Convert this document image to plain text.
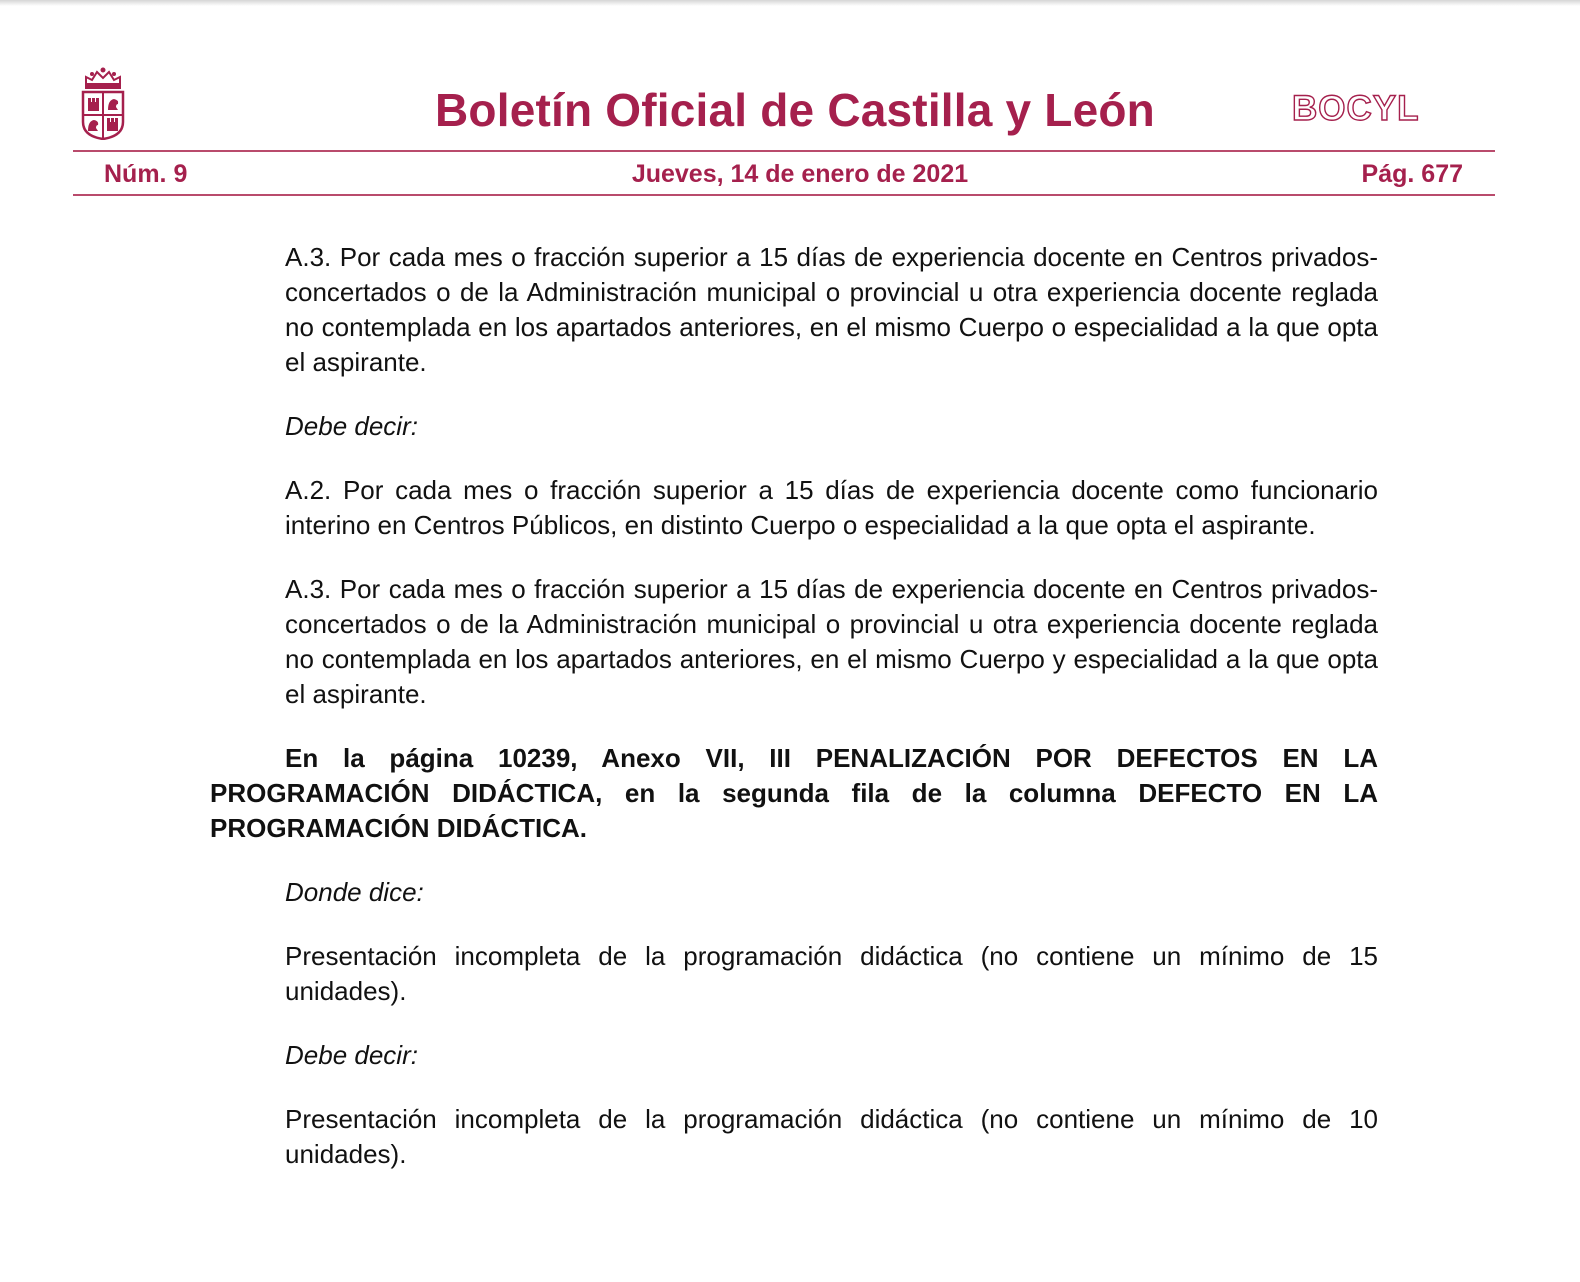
Boletín Oficial de Castilla y León	BOCYL
Núm. 9	Jueves, 14 de enero de 2021	Pág. 677

A.3. Por cada mes o fracción superior a 15 días de experiencia docente en Centros privados-concertados o de la Administración municipal o provincial u otra experiencia docente reglada no contemplada en los apartados anteriores, en el mismo Cuerpo o especialidad a la que opta el aspirante.

Debe decir:

A.2. Por cada mes o fracción superior a 15 días de experiencia docente como funcionario interino en Centros Públicos, en distinto Cuerpo o especialidad a la que opta el aspirante.

A.3. Por cada mes o fracción superior a 15 días de experiencia docente en Centros privados-concertados o de la Administración municipal o provincial u otra experiencia docente reglada no contemplada en los apartados anteriores, en el mismo Cuerpo y especialidad a la que opta el aspirante.

En la página 10239, Anexo VII, III PENALIZACIÓN POR DEFECTOS EN LA PROGRAMACIÓN DIDÁCTICA, en la segunda fila de la columna DEFECTO EN LA PROGRAMACIÓN DIDÁCTICA.

Donde dice:

Presentación incompleta de la programación didáctica (no contiene un mínimo de 15 unidades).

Debe decir:

Presentación incompleta de la programación didáctica (no contiene un mínimo de 10 unidades).
